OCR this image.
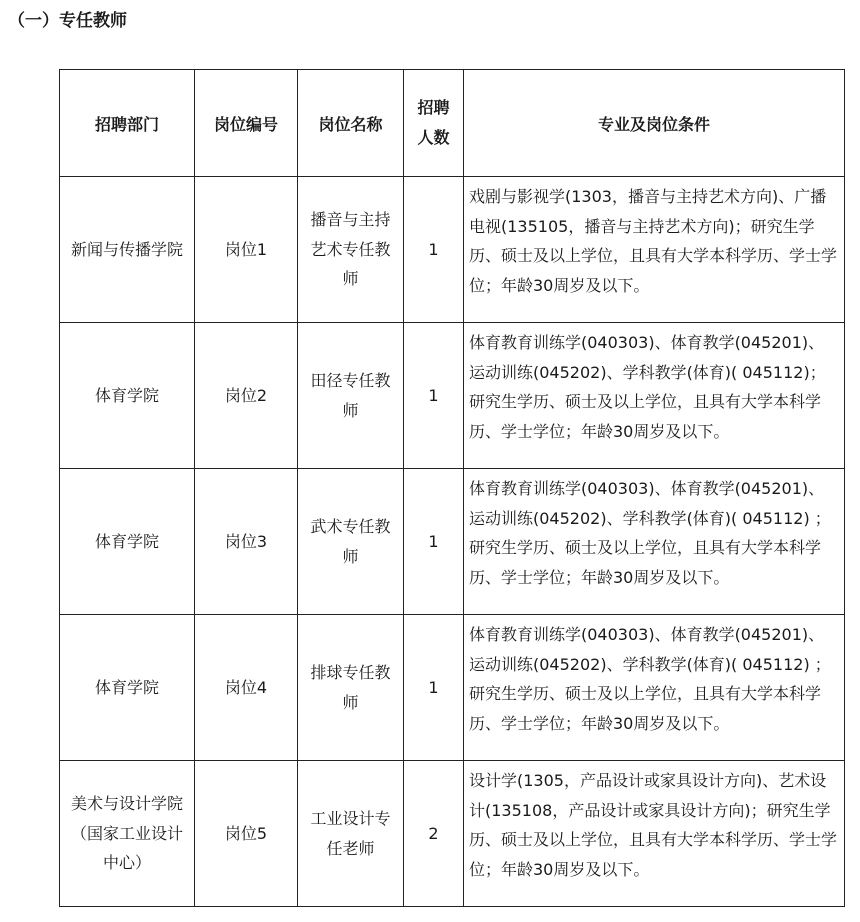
（一）专任教师
招聘部门	岗位编号	岗位名称	招聘人数	专业及岗位条件
新闻与传播学院	岗位1	播音与主持艺术专任教师	1	戏剧与影视学(1303，播音与主持艺术方向)、广播电视(135105，播音与主持艺术方向)；研究生学历、硕士及以上学位，且具有大学本科学历、学士学位；年龄30周岁及以下。
体育学院	岗位2	田径专任教师	1	体育教育训练学(040303)、体育教学(045201)、运动训练(045202)、学科教学(体育)( 045112)；研究生学历、硕士及以上学位，且具有大学本科学历、学士学位；年龄30周岁及以下。
体育学院	岗位3	武术专任教师	1	体育教育训练学(040303)、体育教学(045201)、运动训练(045202)、学科教学(体育)( 045112) ；研究生学历、硕士及以上学位，且具有大学本科学历、学士学位；年龄30周岁及以下。
体育学院	岗位4	排球专任教师	1	体育教育训练学(040303)、体育教学(045201)、运动训练(045202)、学科教学(体育)( 045112) ；研究生学历、硕士及以上学位，且具有大学本科学历、学士学位；年龄30周岁及以下。
美术与设计学院（国家工业设计中心）	岗位5	工业设计专任老师	2	设计学(1305，产品设计或家具设计方向)、艺术设计(135108，产品设计或家具设计方向)；研究生学历、硕士及以上学位，且具有大学本科学历、学士学位；年龄30周岁及以下。
